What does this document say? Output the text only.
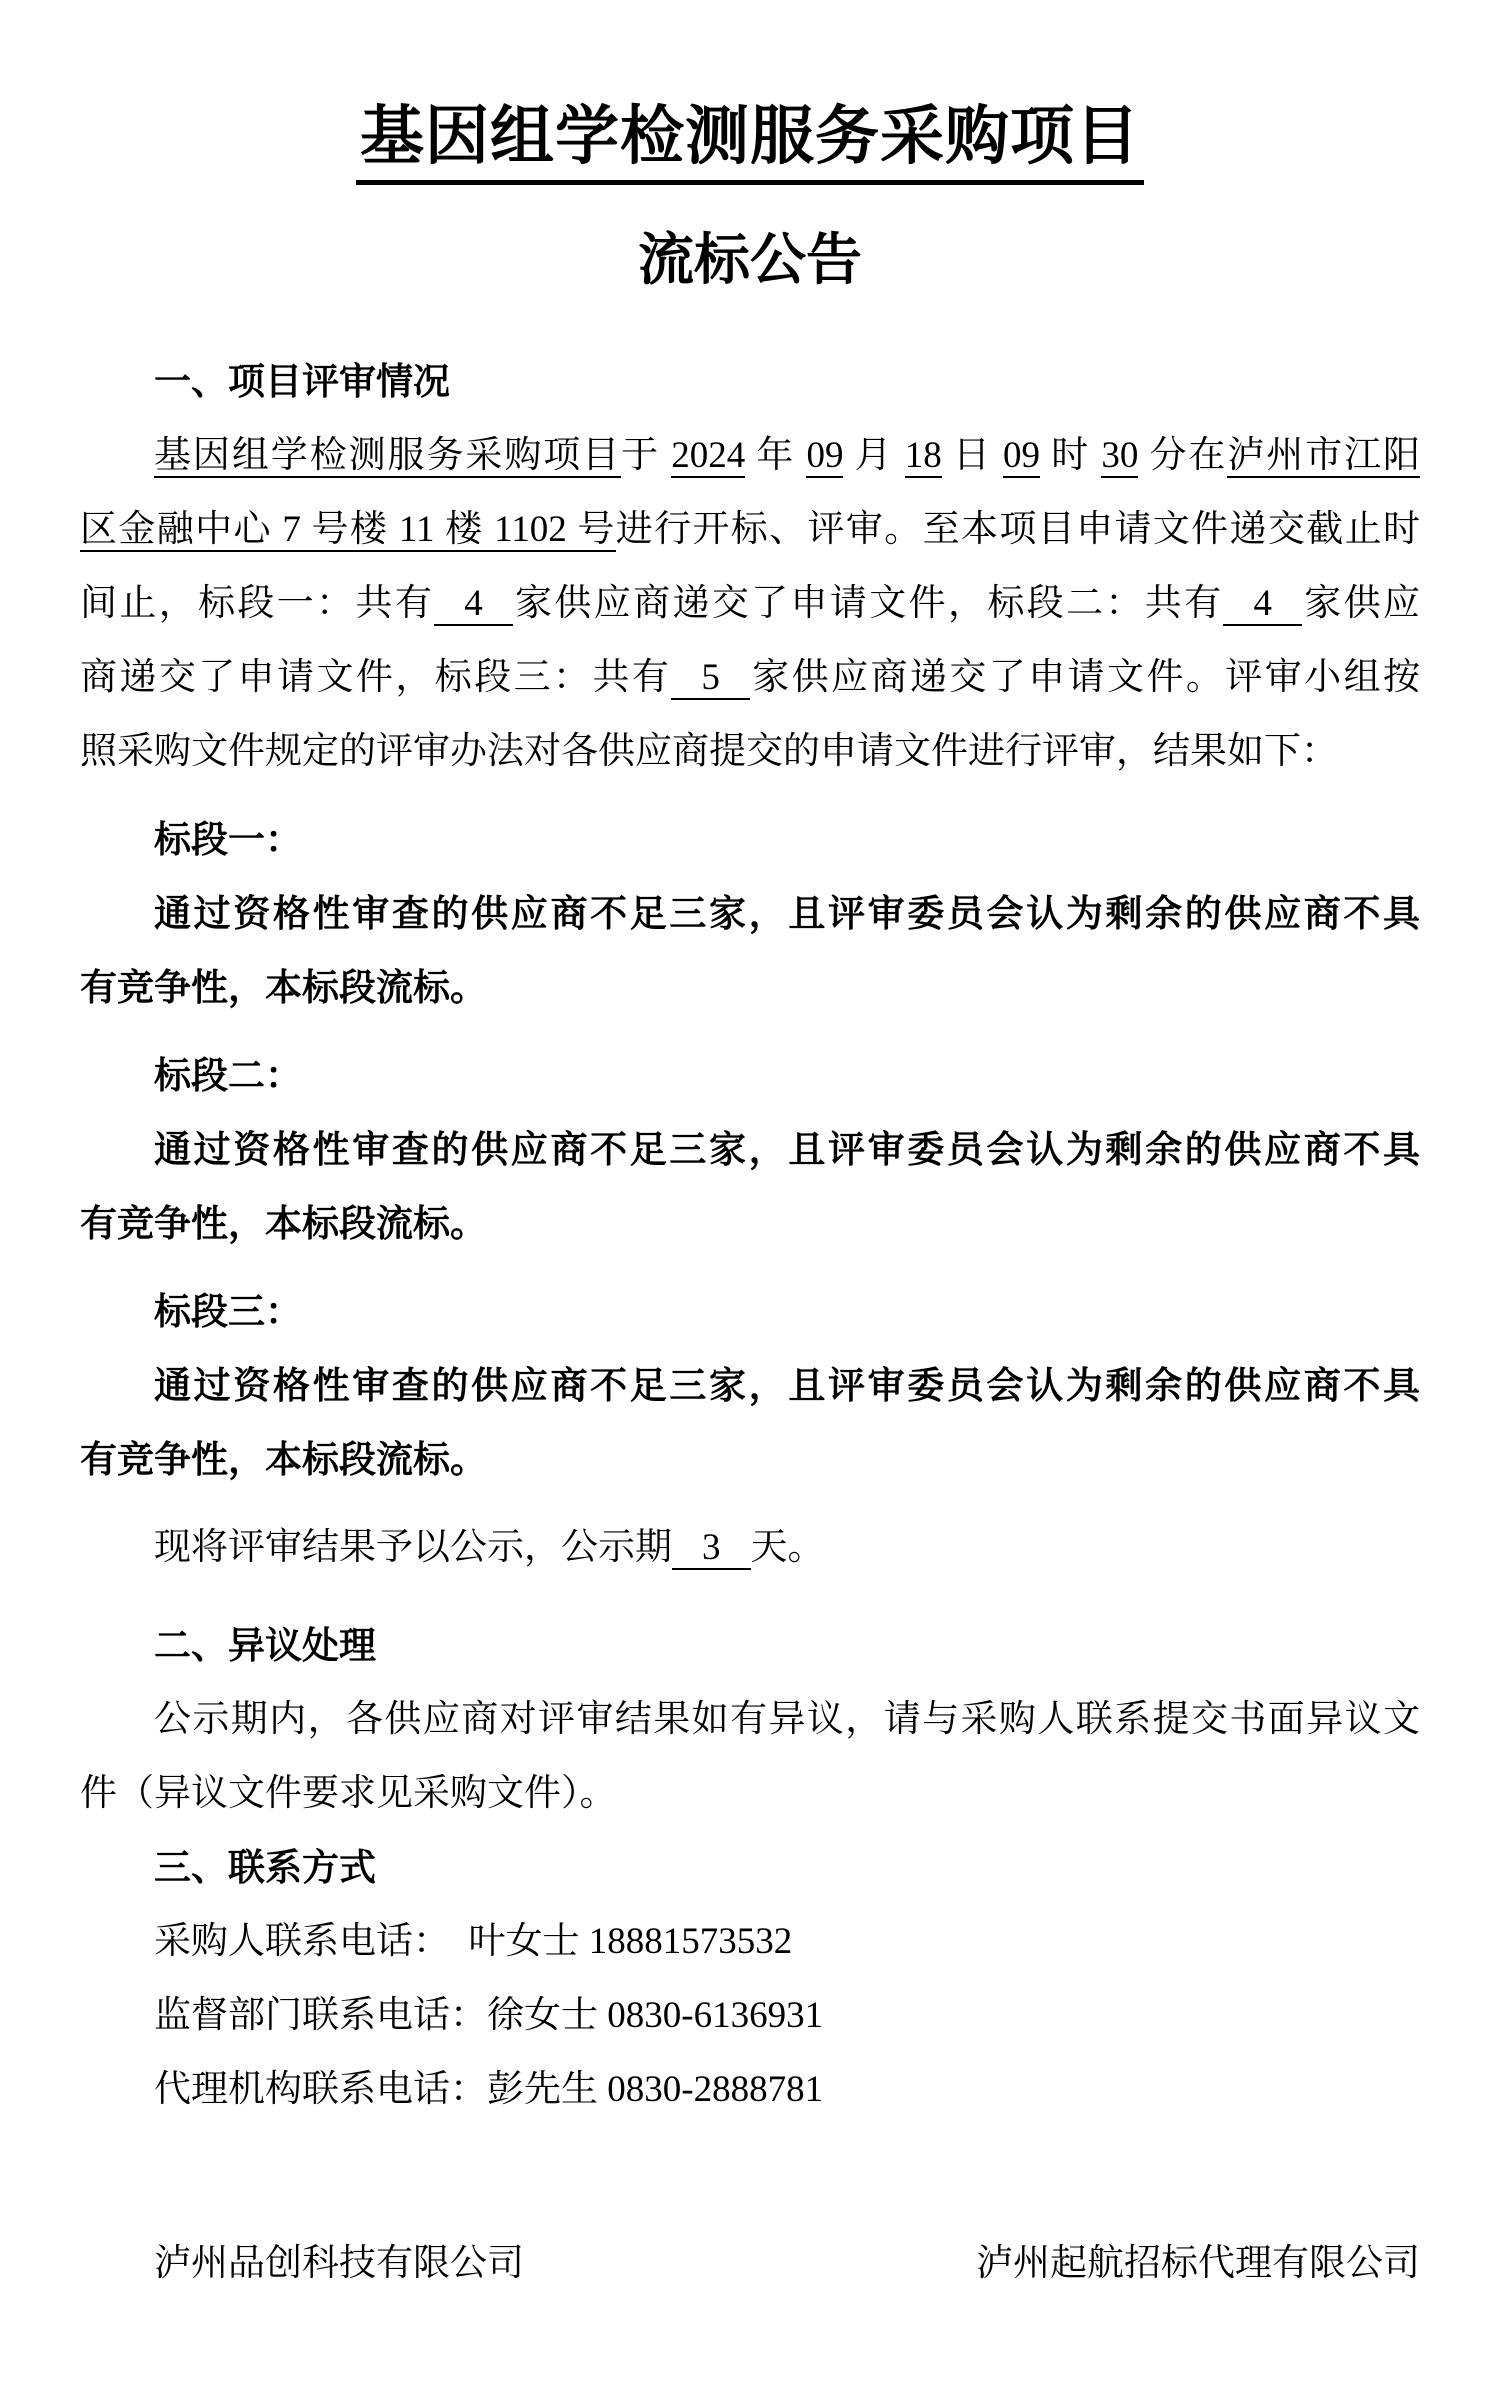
基因组学检测服务采购项目
流标公告
一、项目评审情况
基因组学检测服务采购项目于 2024 年 09 月 18 日 09 时 30 分在泸州市江阳
区金融中心 7 号楼 11 楼 1102 号进行开标、评审。至本项目申请文件递交截止时
间止，标段一：共有 4 家供应商递交了申请文件，标段二：共有 4 家供应
商递交了申请文件，标段三：共有 5 家供应商递交了申请文件。评审小组按
照采购文件规定的评审办法对各供应商提交的申请文件进行评审，结果如下：
标段一：
通过资格性审查的供应商不足三家，且评审委员会认为剩余的供应商不具
有竞争性，本标段流标。
标段二：
通过资格性审查的供应商不足三家，且评审委员会认为剩余的供应商不具
有竞争性，本标段流标。
标段三：
通过资格性审查的供应商不足三家，且评审委员会认为剩余的供应商不具
有竞争性，本标段流标。
现将评审结果予以公示，公示期 3 天。
二、异议处理
公示期内，各供应商对评审结果如有异议，请与采购人联系提交书面异议文
件（异议文件要求见采购文件）。
三、联系方式
采购人联系电话：　叶女士 18881573532
监督部门联系电话：徐女士 0830-6136931
代理机构联系电话：彭先生 0830-2888781
泸州品创科技有限公司	泸州起航招标代理有限公司
